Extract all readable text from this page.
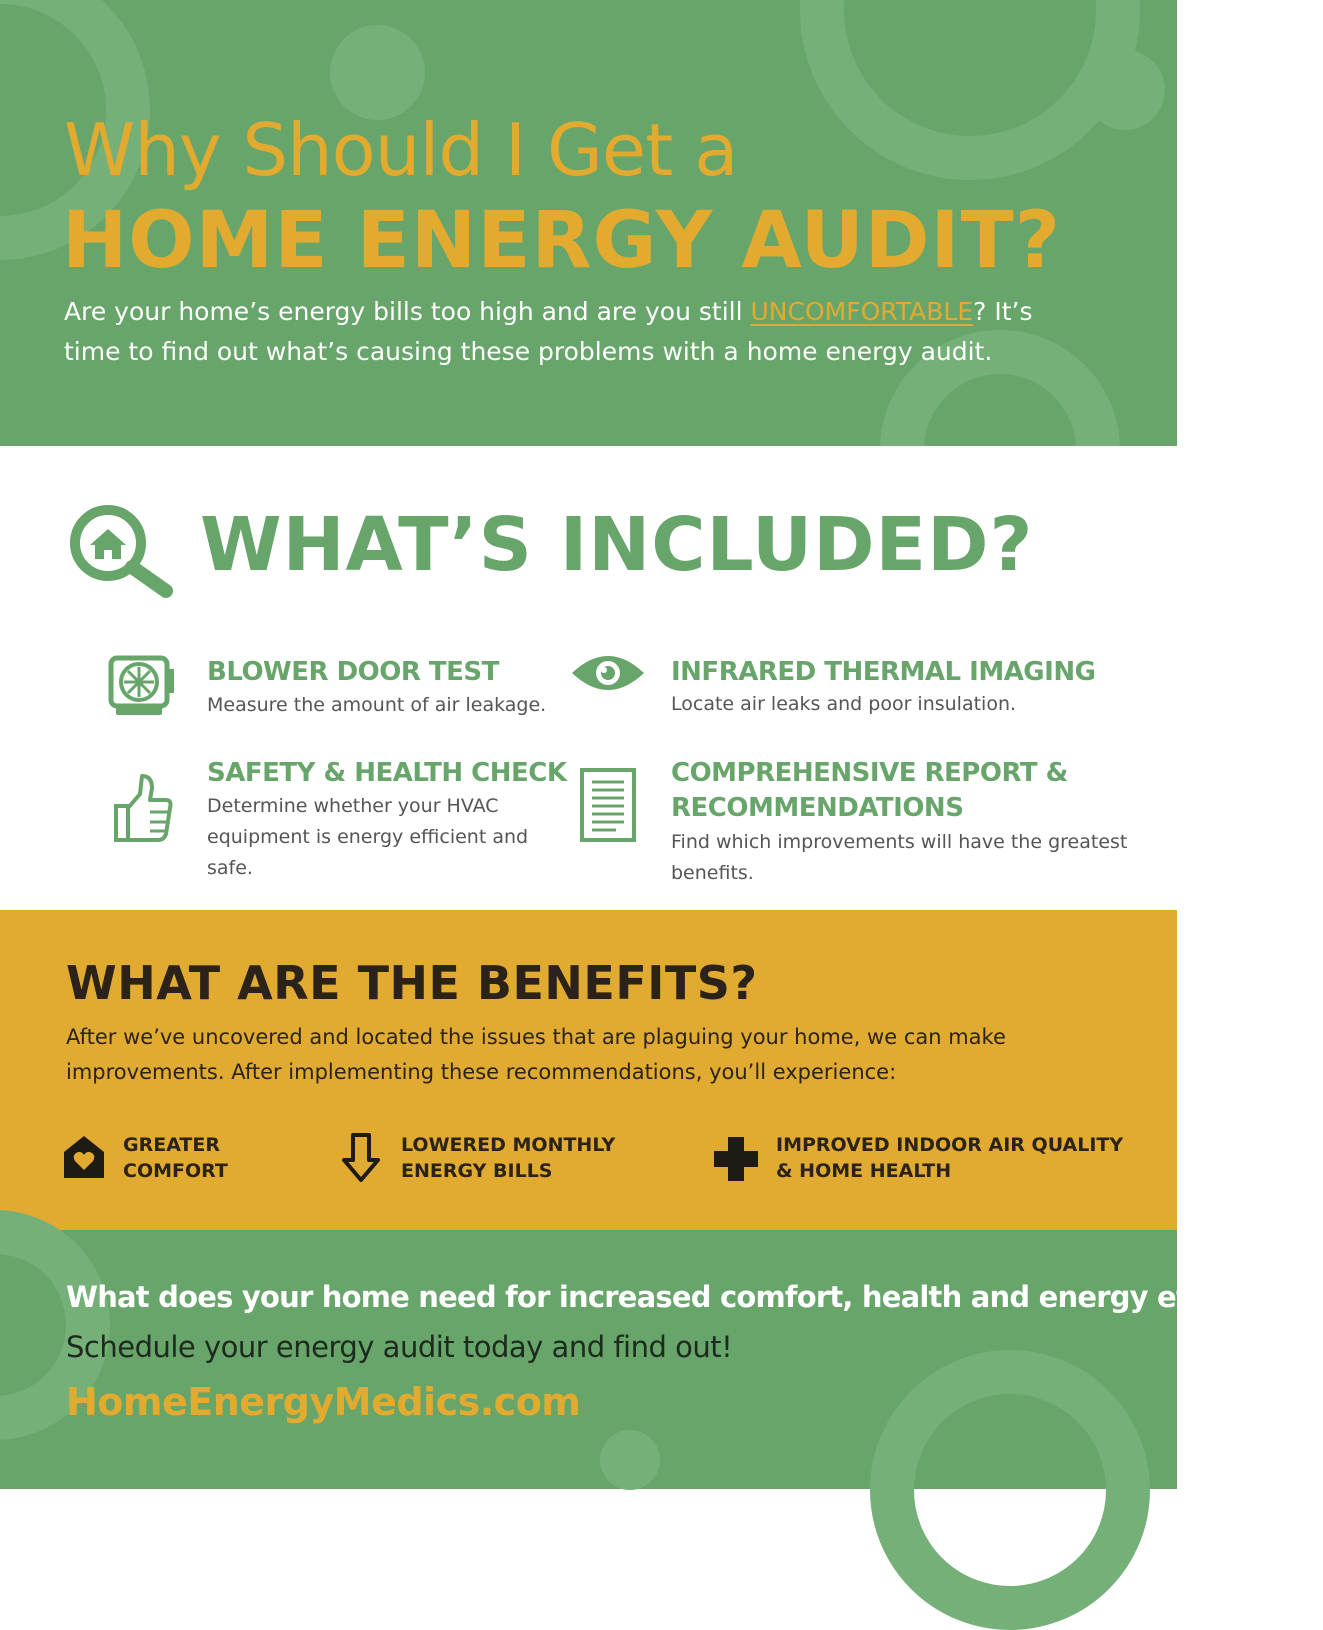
Why Should I Get a
HOME ENERGY AUDIT?

Are your home’s energy bills too high and are you still UNCOMFORTABLE? It’s time to find out what’s causing these problems with a home energy audit.

WHAT’S INCLUDED?
BLOWER DOOR TEST
Measure the amount of air leakage.
INFRARED THERMAL IMAGING
Locate air leaks and poor insulation.
SAFETY & HEALTH CHECK
Determine whether your HVAC equipment is energy efficient and safe.
COMPREHENSIVE REPORT & RECOMMENDATIONS
Find which improvements will have the greatest benefits.
WHAT ARE THE BENEFITS?

After we’ve uncovered and located the issues that are plaguing your home, we can make improvements. After implementing these recommendations, you’ll experience:

GREATER
COMFORT
LOWERED MONTHLY
ENERGY BILLS
IMPROVED INDOOR AIR QUALITY
& HOME HEALTH
What does your home need for increased comfort, health and energy efficiency?
Schedule your energy audit today and find out!
HomeEnergyMedics.com
